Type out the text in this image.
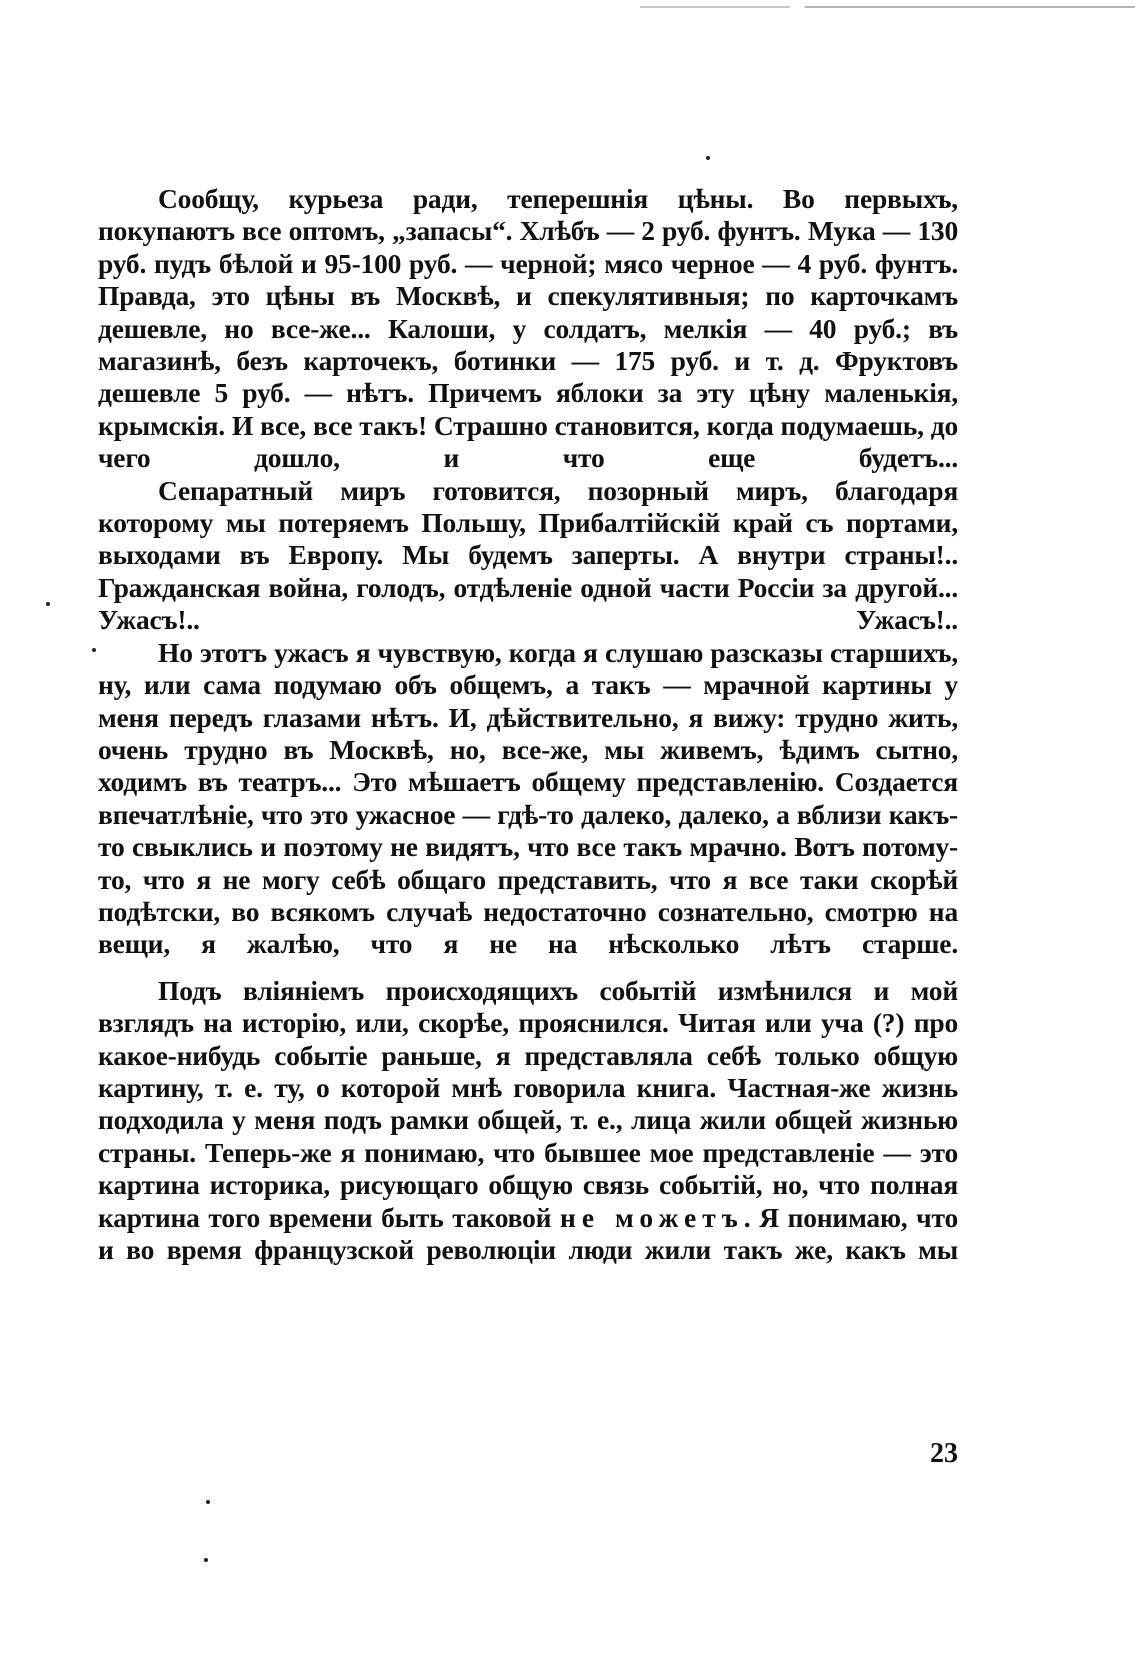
Сообщу, курьеза ради, теперешнія цѣны. Во первыхъ, покупаютъ все оптомъ, „запасы“. Хлѣбъ — 2 руб. фунтъ. Мука — 130 руб. пудъ бѣлой и 95-100 руб. — черной; мясо черное — 4 руб. фунтъ. Правда, это цѣны въ Москвѣ, и спекулятивныя; по карточкамъ дешевле, но все-же... Калоши, у солдатъ, мелкія — 40 руб.; въ магазинѣ, безъ карточекъ, ботинки — 175 руб. и т. д. Фруктовъ дешевле 5 руб. — нѣтъ. Причемъ яблоки за эту цѣну маленькія, крымскія. И все, все такъ! Страшно становится, когда подумаешь, до чего дошло, и что еще будетъ...

Сепаратный миръ готовится, позорный миръ, благодаря которому мы потеряемъ Польшу, Прибалтійскій край съ портами, выходами въ Европу. Мы будемъ заперты. А внутри страны!.. Гражданская война, голодъ, отдѣленіе одной части Россіи за другой... Ужасъ!.. Ужасъ!..

Но этотъ ужасъ я чувствую, когда я слушаю разсказы старшихъ, ну, или сама подумаю объ общемъ, а такъ — мрачной картины у меня передъ глазами нѣтъ. И, дѣйствительно, я вижу: трудно жить, очень трудно въ Москвѣ, но, все-же, мы живемъ, ѣдимъ сытно, ходимъ въ театръ... Это мѣшаетъ общему представленію. Создается впечатлѣніе, что это ужасное — гдѣ-то далеко, далеко, а вблизи какъ-то свыклись и поэтому не видятъ, что все такъ мрачно. Вотъ потому-то, что я не могу себѣ общаго представить, что я все таки скорѣй подѣтски, во всякомъ случаѣ недостаточно сознательно, смотрю на вещи, я жалѣю, что я не на нѣсколько лѣтъ старше.

Подъ вліяніемъ происходящихъ событій измѣнился и мой взглядъ на исторію, или, скорѣе, прояснился. Читая или уча (?) про какое-нибудь событіе раньше, я представляла себѣ только общую картину, т. е. ту, о которой мнѣ говорила книга. Частная-же жизнь подходила у меня подъ рамки общей, т. е., лица жили общей жизнью страны. Теперь-же я понимаю, что бывшее мое представленіе — это картина историка, рисующаго общую связь событій, но, что полная картина того времени быть таковой не можетъ. Я понимаю, что и во время французской революціи люди жили такъ же, какъ мы

23
